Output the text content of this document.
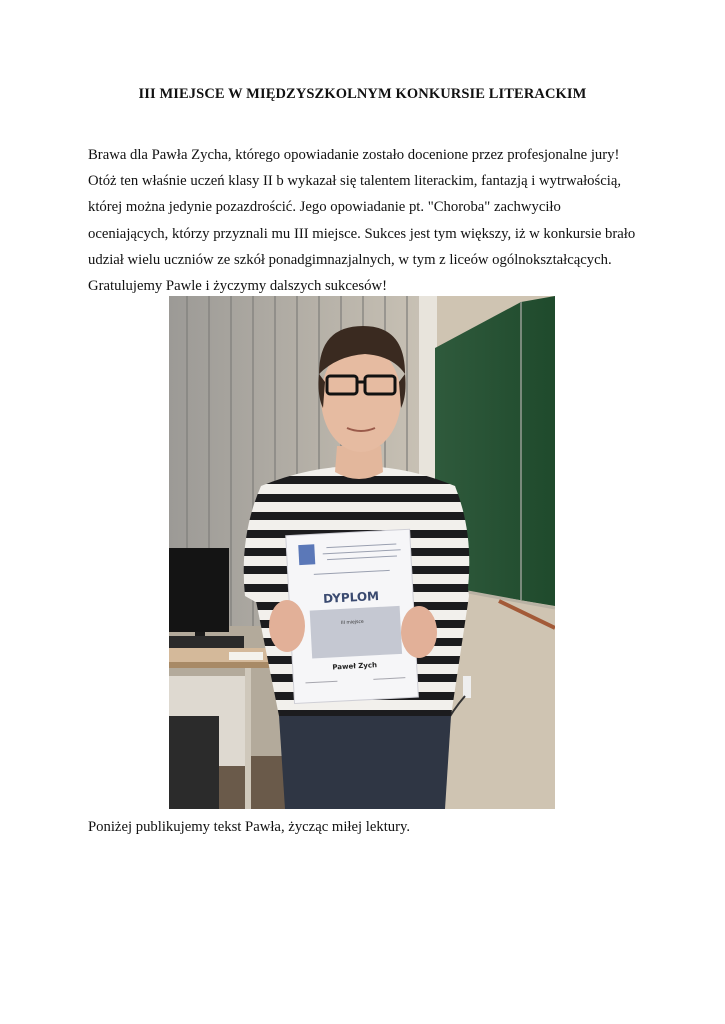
III MIEJSCE W MIĘDZYSZKOLNYM KONKURSIE LITERACKIM

Brawa dla Pawła Zycha, którego opowiadanie zostało docenione przez profesjonalne jury!

Otóż ten właśnie uczeń klasy II b wykazał się talentem literackim, fantazją i wytrwałością,

której można jedynie pozazdrościć. Jego opowiadanie pt. "Choroba" zachwyciło

oceniających, którzy przyznali mu III miejsce. Sukces jest tym większy, iż w konkursie brało

udział wielu uczniów ze szkół ponadgimnazjalnych, w tym z liceów ogólnokształcących.

Gratulujemy Pawle i życzymy dalszych sukcesów!

DYPLOM
III miejsce
Paweł Zych
Poniżej publikujemy tekst Pawła, życząc miłej lektury.
